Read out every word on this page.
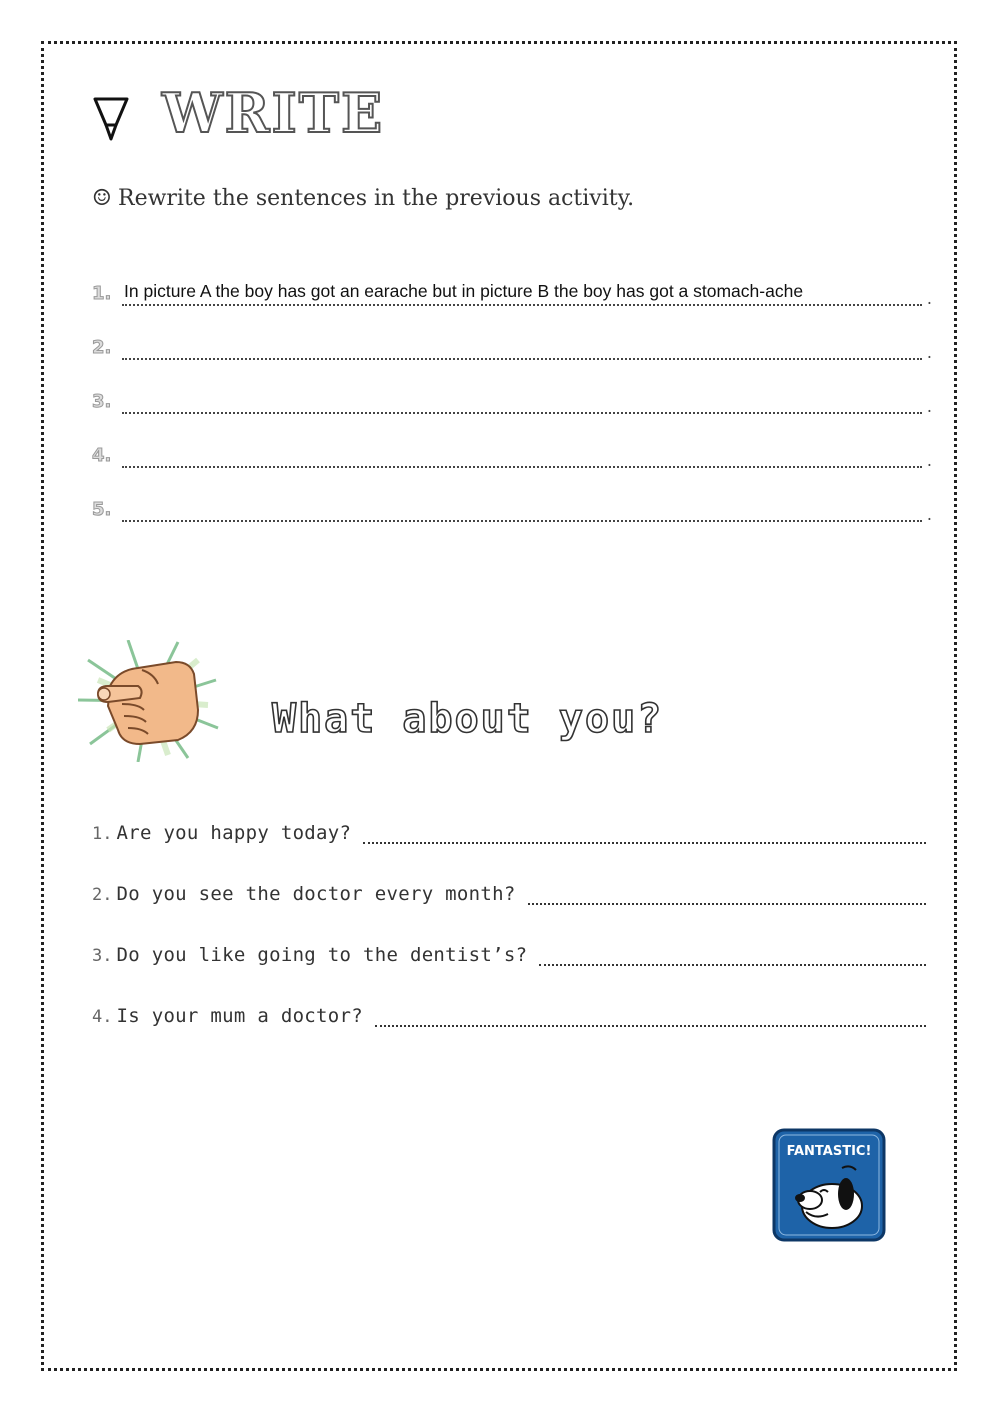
WRITE
☺ Rewrite the sentences in the previous activity.
1. In picture A the boy has got an earache but in picture B the boy has got a stomach-ache	.
2.	.
3.	.
4.	.
5.	.
What about you?
1. Are you happy today?
2. Do you see the doctor every month?
3. Do you like going to the dentist’s?
4. Is your mum a doctor?
FANTASTIC!
